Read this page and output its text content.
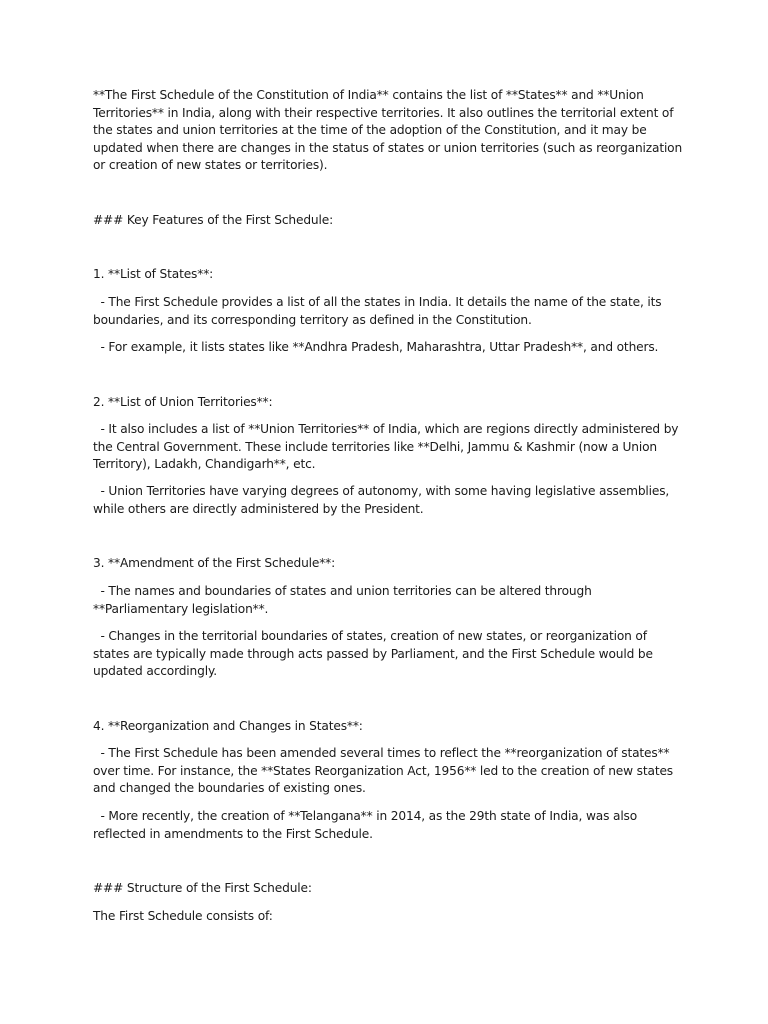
**The First Schedule of the Constitution of India** contains the list of **States** and **Union Territories** in India, along with their respective territories. It also outlines the territorial extent of the states and union territories at the time of the adoption of the Constitution, and it may be updated when there are changes in the status of states or union territories (such as reorganization or creation of new states or territories).

### Key Features of the First Schedule:

1. **List of States**:

- The First Schedule provides a list of all the states in India. It details the name of the state, its boundaries, and its corresponding territory as defined in the Constitution.

- For example, it lists states like **Andhra Pradesh, Maharashtra, Uttar Pradesh**, and others.

2. **List of Union Territories**:

- It also includes a list of **Union Territories** of India, which are regions directly administered by the Central Government. These include territories like **Delhi, Jammu & Kashmir (now a Union Territory), Ladakh, Chandigarh**, etc.

- Union Territories have varying degrees of autonomy, with some having legislative assemblies, while others are directly administered by the President.

3. **Amendment of the First Schedule**:

- The names and boundaries of states and union territories can be altered through **Parliamentary legislation**.

- Changes in the territorial boundaries of states, creation of new states, or reorganization of states are typically made through acts passed by Parliament, and the First Schedule would be updated accordingly.

4. **Reorganization and Changes in States**:

- The First Schedule has been amended several times to reflect the **reorganization of states** over time. For instance, the **States Reorganization Act, 1956** led to the creation of new states and changed the boundaries of existing ones.

- More recently, the creation of **Telangana** in 2014, as the 29th state of India, was also reflected in amendments to the First Schedule.

### Structure of the First Schedule:

The First Schedule consists of:
